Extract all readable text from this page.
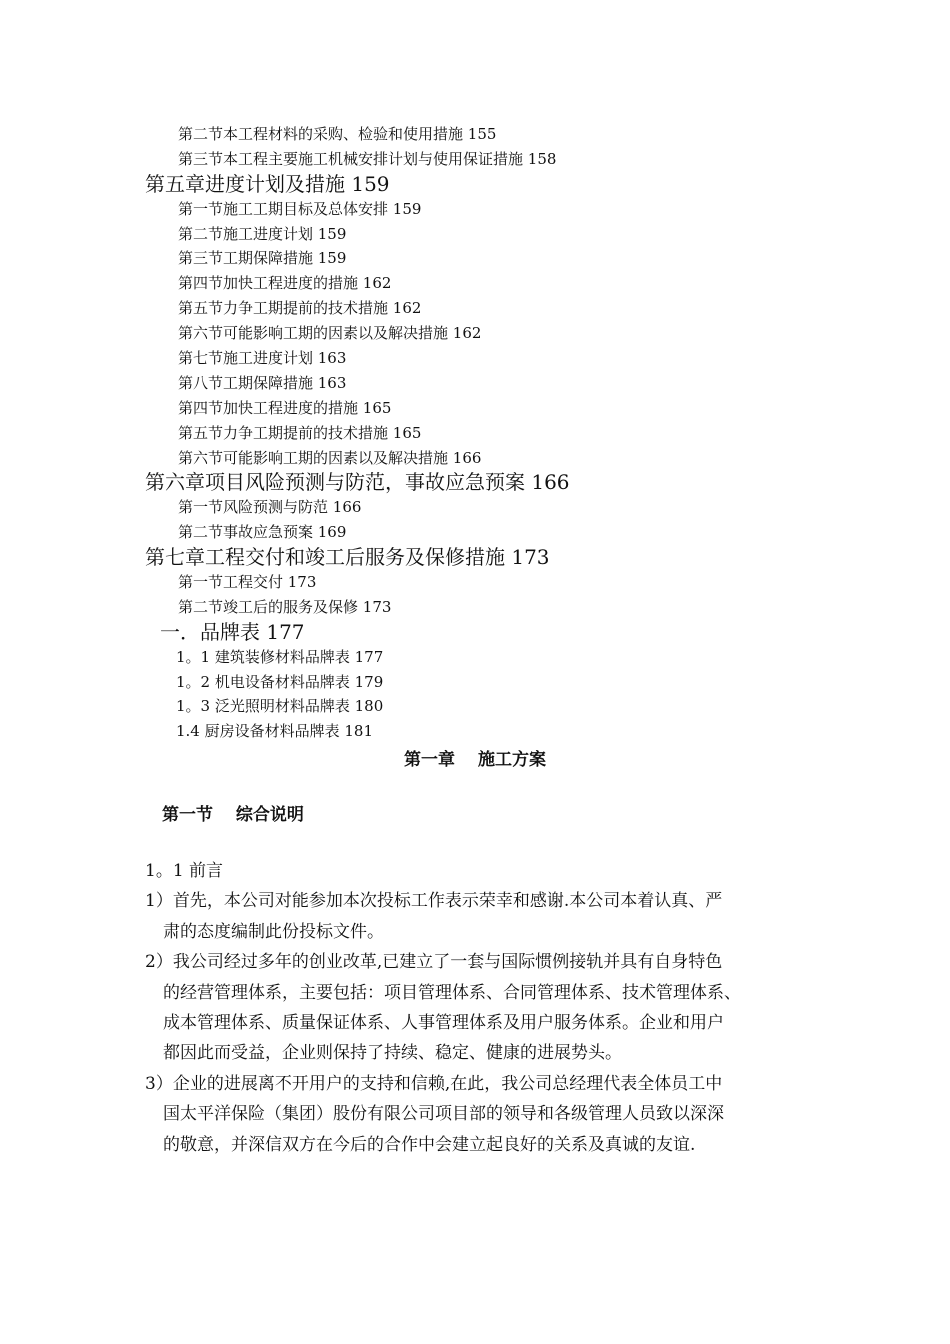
第二节本工程材料的采购、检验和使用措施 155
第三节本工程主要施工机械安排计划与使用保证措施 158
第五章进度计划及措施 159
第一节施工工期目标及总体安排 159
第二节施工进度计划 159
第三节工期保障措施 159
第四节加快工程进度的措施 162
第五节力争工期提前的技术措施 162
第六节可能影响工期的因素以及解决措施 162
第七节施工进度计划 163
第八节工期保障措施 163
第四节加快工程进度的措施 165
第五节力争工期提前的技术措施 165
第六节可能影响工期的因素以及解决措施 166
第六章项目风险预测与防范，事故应急预案 166
第一节风险预测与防范 166
第二节事故应急预案 169
第七章工程交付和竣工后服务及保修措施 173
第一节工程交付 173
第二节竣工后的服务及保修 173
一．品牌表 177
1。1 建筑装修材料品牌表 177
1。2 机电设备材料品牌表 179
1。3 泛光照明材料品牌表 180
1.4 厨房设备材料品牌表 181
第一章　 施工方案
第一节　 综合说明
1。1 前言
1）首先，本公司对能参加本次投标工作表示荣幸和感谢.本公司本着认真、严
肃的态度编制此份投标文件。
2）我公司经过多年的创业改革,已建立了一套与国际惯例接轨并具有自身特色
的经营管理体系，主要包括：项目管理体系、合同管理体系、技术管理体系、
成本管理体系、质量保证体系、人事管理体系及用户服务体系。企业和用户
都因此而受益，企业则保持了持续、稳定、健康的进展势头。
3）企业的进展离不开用户的支持和信赖,在此，我公司总经理代表全体员工中
国太平洋保险（集团）股份有限公司项目部的领导和各级管理人员致以深深
的敬意，并深信双方在今后的合作中会建立起良好的关系及真诚的友谊.
